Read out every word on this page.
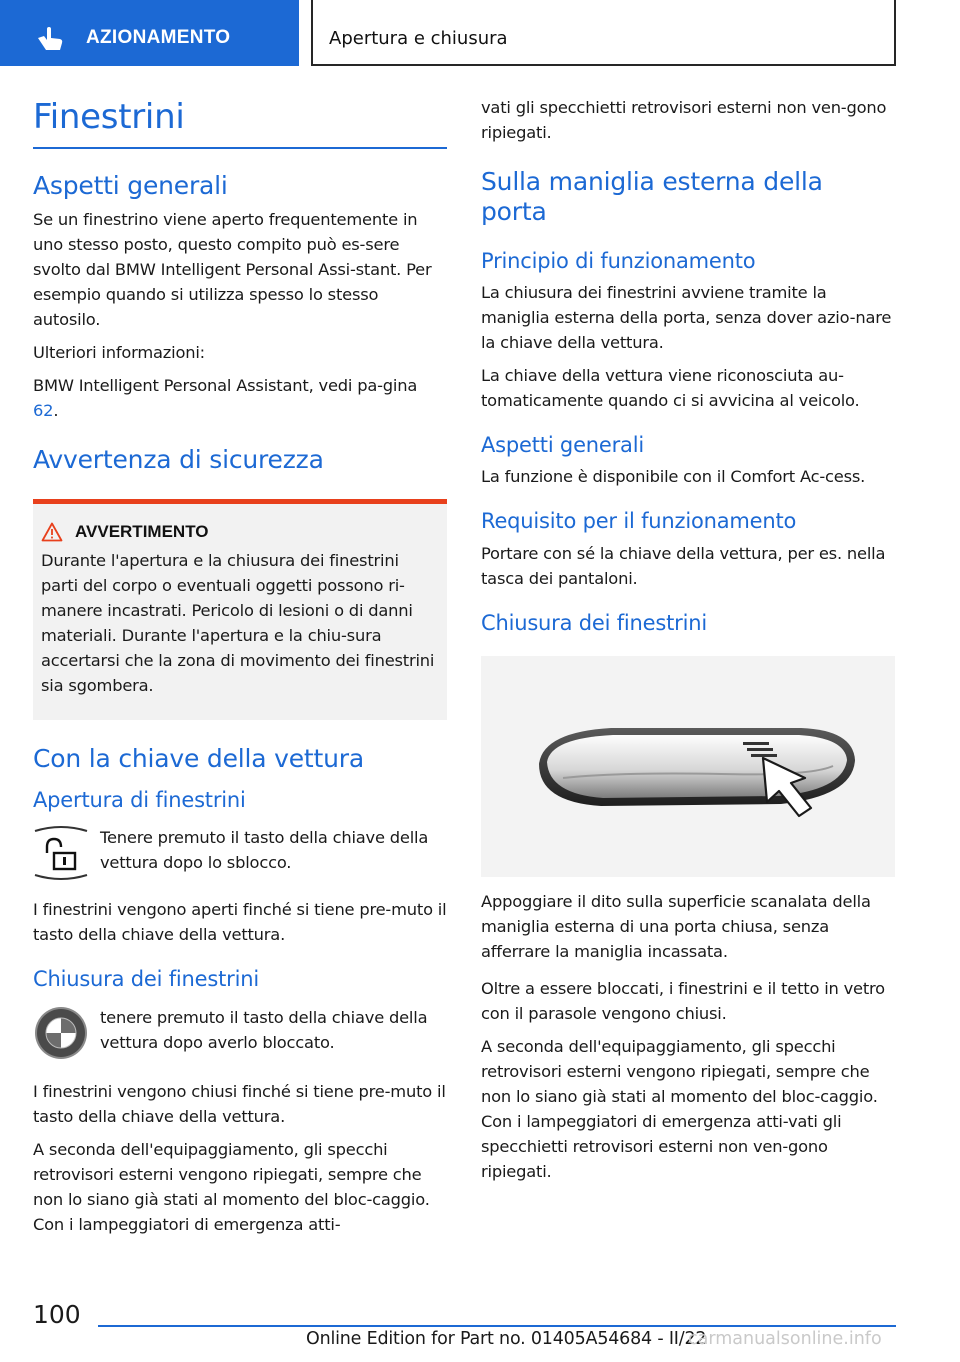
AZIONAMENTO	Apertura e chiusura
Finestrini
Aspetti generali

Se un finestrino viene aperto frequentemente in uno stesso posto, questo compito può es-sere svolto dal BMW Intelligent Personal Assi-stant. Per esempio quando si utilizza spesso lo stesso autosilo.

Ulteriori informazioni:

BMW Intelligent Personal Assistant, vedi pa-gina 62.

Avvertenza di sicurezza
AVVERTIMENTO

Durante l'apertura e la chiusura dei finestrini parti del corpo o eventuali oggetti possono ri-manere incastrati. Pericolo di lesioni o di danni materiali. Durante l'apertura e la chiu-sura accertarsi che la zona di movimento dei finestrini sia sgombera.

Con la chiave della vettura
Apertura di finestrini

Tenere premuto il tasto della chiave della vettura dopo lo sblocco.

I finestrini vengono aperti finché si tiene pre-muto il tasto della chiave della vettura.

Chiusura dei finestrini

tenere premuto il tasto della chiave della vettura dopo averlo bloccato.

I finestrini vengono chiusi finché si tiene pre-muto il tasto della chiave della vettura.

A seconda dell'equipaggiamento, gli specchi retrovisori esterni vengono ripiegati, sempre che non lo siano già stati al momento del bloc-caggio. Con i lampeggiatori di emergenza atti-

vati gli specchietti retrovisori esterni non ven-gono ripiegati.

Sulla maniglia esterna della porta
Principio di funzionamento

La chiusura dei finestrini avviene tramite la maniglia esterna della porta, senza dover azio-nare la chiave della vettura.

La chiave della vettura viene riconosciuta au-tomaticamente quando ci si avvicina al veicolo.

Aspetti generali

La funzione è disponibile con il Comfort Ac-cess.

Requisito per il funzionamento

Portare con sé la chiave della vettura, per es. nella tasca dei pantaloni.

Chiusura dei finestrini

Appoggiare il dito sulla superficie scanalata della maniglia esterna di una porta chiusa, senza afferrare la maniglia incassata.

Oltre a essere bloccati, i finestrini e il tetto in vetro con il parasole vengono chiusi.

A seconda dell'equipaggiamento, gli specchi retrovisori esterni vengono ripiegati, sempre che non lo siano già stati al momento del bloc-caggio. Con i lampeggiatori di emergenza atti-vati gli specchietti retrovisori esterni non ven-gono ripiegati.

100
Online Edition for Part no. 01405A54684 - II/22
carmanualsonline.info
